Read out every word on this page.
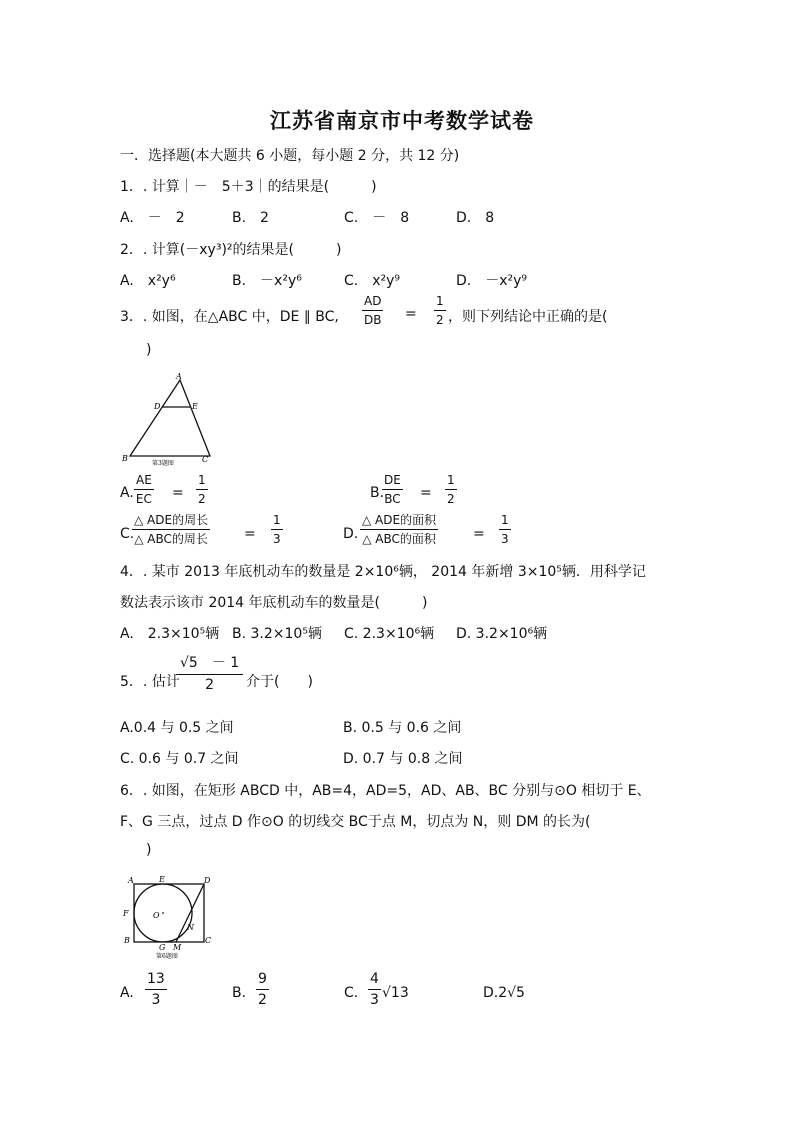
江苏省南京市中考数学试卷
一．选择题(本大题共 6 小题，每小题 2 分，共 12 分)
1．. 计算｜－　5＋3｜的结果是(　　　)
A.　－　2	B.　2	C.　－　8	D.　8
2．. 计算(－xy³)²的结果是(　　　)
A.　x²y⁶	B.　－x²y⁶	C.　x²y⁹	D.　－x²y⁹
3．. 如图，在△ABC 中，DE ∥ BC, $\frac{AD}{DB} = \frac{1}{2}$ ，则下列结论中正确的是(
)
A
D	E
B	C
第3题图
A. $\frac{AE}{EC} = \frac{1}{2}$	B.
$\frac{DE}{BC} = \frac{1}{2}$
C.
△ ADE的周长
△ ABC的周长	= $\frac{1}{3}$	D.
△ ADE的面积
△ ABC的面积	= $\frac{1}{3}$
4．. 某市 2013 年底机动车的数量是 2×10⁶辆， 2014 年新增 3×10⁵辆．用科学记
数法表示该市 2014 年底机动车的数量是(　　　)
A.　2.3×10⁵辆 B. 3.2×10⁵辆 C. 2.3×10⁶辆 D. 3.2×10⁶辆
5．. 估计
$\frac{√5 - 1}{2}$ 介于(　　)
A.0.4 与 0.5 之间	B. 0.5 与 0.6 之间
C. 0.6 与 0.7 之间	D. 0.7 与 0.8 之间
6．. 如图，在矩形 ABCD 中，AB=4，AD=5，AD、AB、BC 分别与⊙O 相切于 E、
F、G 三点，过点 D 作⊙O 的切线交 BC于点 M，切点为 N，则 DM 的长为(
)
A	E	D
F	O
N
B
G M
C
第6题图
A. $\frac{13}{3}$	B. $\frac{9}{2}$	C. $\frac{4}{3} √13$	D.2√5
